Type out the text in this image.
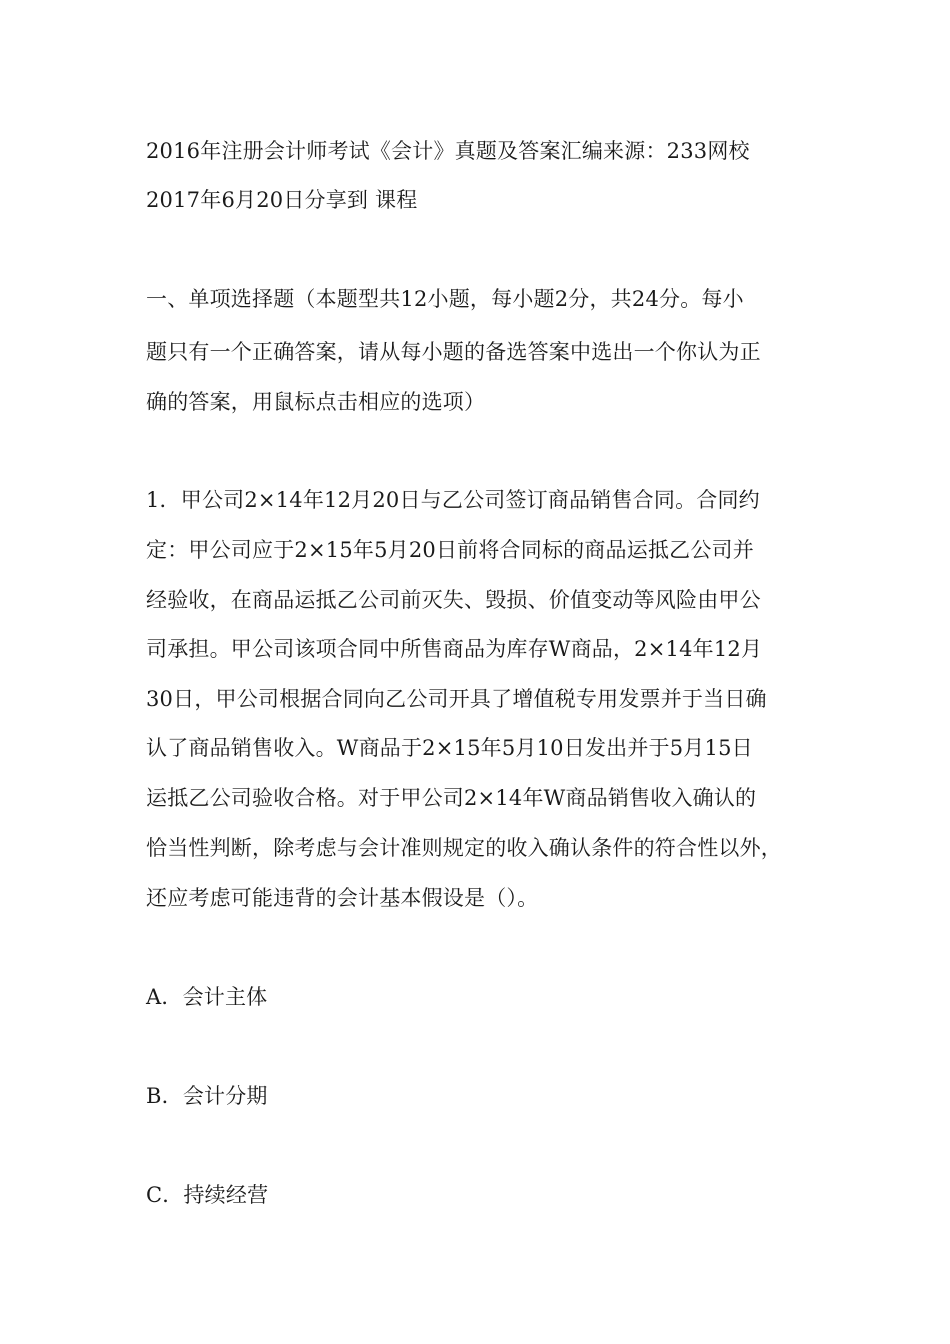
2016年注册会计师考试《会计》真题及答案汇编来源：233网校
2017年6月20日分享到 课程
一、单项选择题（本题型共12小题，每小题2分，共24分。每小
题只有一个正确答案，请从每小题的备选答案中选出一个你认为正
确的答案，用鼠标点击相应的选项）
1．甲公司2×14年12月20日与乙公司签订商品销售合同。合同约
定：甲公司应于2×15年5月20日前将合同标的商品运抵乙公司并
经验收，在商品运抵乙公司前灭失、毁损、价值变动等风险由甲公
司承担。甲公司该项合同中所售商品为库存W商品，2×14年12月
30日，甲公司根据合同向乙公司开具了增值税专用发票并于当日确
认了商品销售收入。W商品于2×15年5月10日发出并于5月15日
运抵乙公司验收合格。对于甲公司2×14年W商品销售收入确认的
恰当性判断，除考虑与会计准则规定的收入确认条件的符合性以外，
还应考虑可能违背的会计基本假设是（）。
A．会计主体
B．会计分期
C．持续经营
